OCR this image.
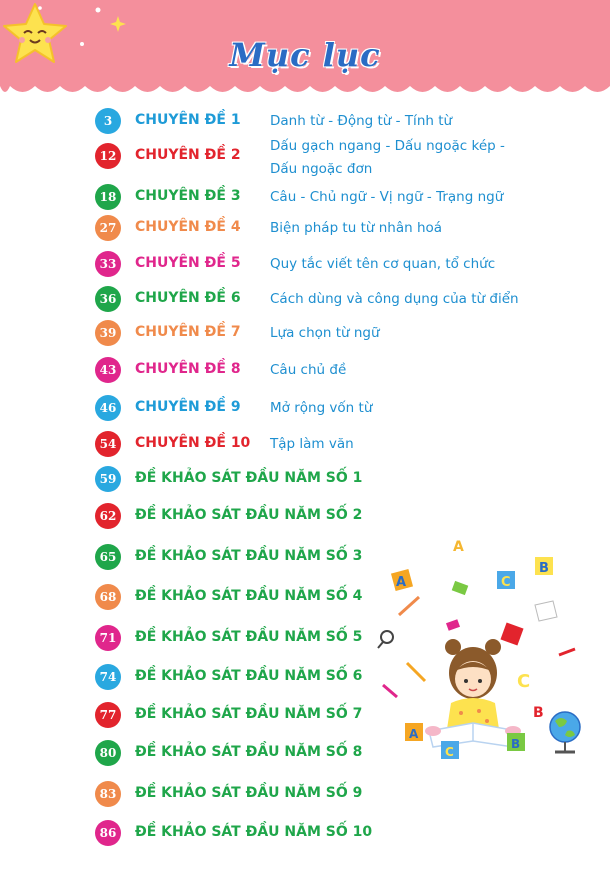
Mục lục
3	CHUYÊN ĐỀ 1 Danh từ - Động từ - Tính từ
12	CHUYÊN ĐỀ 2
Dấu gạch ngang - Dấu ngoặc kép -
Dấu ngoặc đơn
18	CHUYÊN ĐỀ 3 Câu - Chủ ngữ - Vị ngữ - Trạng ngữ
27	CHUYÊN ĐỀ 4 Biện pháp tu từ nhân hoá
33	CHUYÊN ĐỀ 5 Quy tắc viết tên cơ quan, tổ chức
36	CHUYÊN ĐỀ 6 Cách dùng và công dụng của từ điển
39	CHUYÊN ĐỀ 7 Lựa chọn từ ngữ
43	CHUYÊN ĐỀ 8 Câu chủ đề
46	CHUYÊN ĐỀ 9 Mở rộng vốn từ
54	CHUYÊN ĐỀ 10 Tập làm văn
59	ĐỀ KHẢO SÁT ĐẦU NĂM SỐ 1
62	ĐỀ KHẢO SÁT ĐẦU NĂM SỐ 2
65	ĐỀ KHẢO SÁT ĐẦU NĂM SỐ 3
68	ĐỀ KHẢO SÁT ĐẦU NĂM SỐ 4
71	ĐỀ KHẢO SÁT ĐẦU NĂM SỐ 5
74	ĐỀ KHẢO SÁT ĐẦU NĂM SỐ 6
77	ĐỀ KHẢO SÁT ĐẦU NĂM SỐ 7
80	ĐỀ KHẢO SÁT ĐẦU NĂM SỐ 8
83	ĐỀ KHẢO SÁT ĐẦU NĂM SỐ 9
86	ĐỀ KHẢO SÁT ĐẦU NĂM SỐ 10
A
A
B
C
C
B
A
C
B
